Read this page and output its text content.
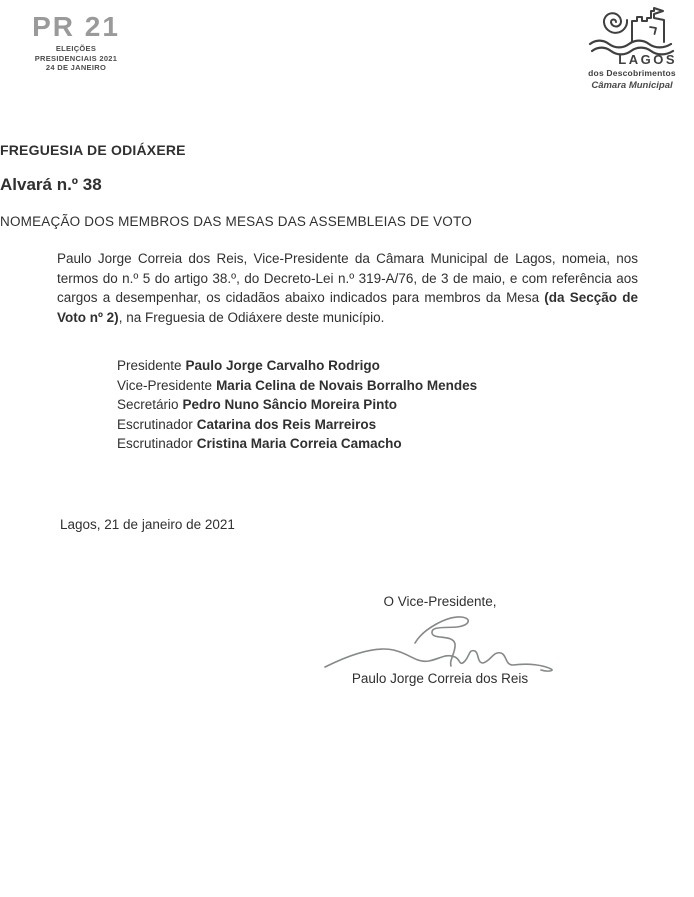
PR 21
ELEIÇÕES
PRESIDENCIAIS 2021
24 DE JANEIRO
LAGOS
dos Descobrimentos
Câmara Municipal
FREGUESIA DE ODIÁXERE
Alvará n.º 38
NOMEAÇÃO DOS MEMBROS DAS MESAS DAS ASSEMBLEIAS DE VOTO
Paulo Jorge Correia dos Reis, Vice-Presidente da Câmara Municipal de Lagos, nomeia, nos termos do n.º 5 do artigo 38.º, do Decreto-Lei n.º 319-A/76, de 3 de maio, e com referência aos cargos a desempenhar, os cidadãos abaixo indicados para membros da Mesa (da Secção de Voto nº 2), na Freguesia de Odiáxere deste município.
Presidente Paulo Jorge Carvalho Rodrigo
Vice-Presidente Maria Celina de Novais Borralho Mendes
Secretário Pedro Nuno Sâncio Moreira Pinto
Escrutinador Catarina dos Reis Marreiros
Escrutinador Cristina Maria Correia Camacho
Lagos, 21 de janeiro de 2021
O Vice-Presidente,
Paulo Jorge Correia dos Reis
